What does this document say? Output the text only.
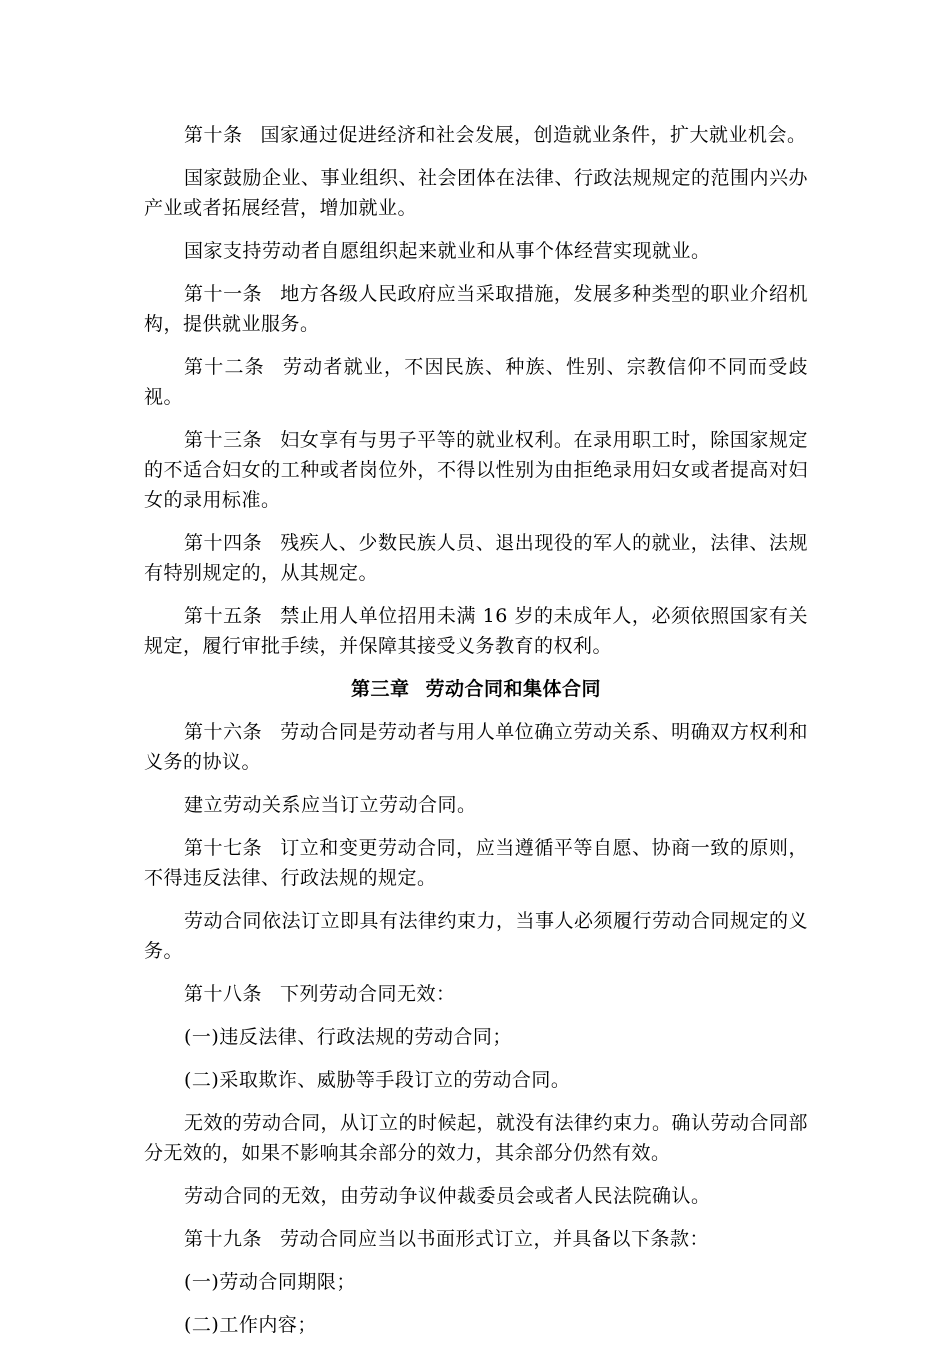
第十条 国家通过促进经济和社会发展，创造就业条件，扩大就业机会。

国家鼓励企业、事业组织、社会团体在法律、行政法规规定的范围内兴办产业或者拓展经营，增加就业。

国家支持劳动者自愿组织起来就业和从事个体经营实现就业。

第十一条 地方各级人民政府应当采取措施，发展多种类型的职业介绍机构，提供就业服务。

第十二条 劳动者就业，不因民族、种族、性别、宗教信仰不同而受歧视。

第十三条 妇女享有与男子平等的就业权利。在录用职工时，除国家规定的不适合妇女的工种或者岗位外，不得以性别为由拒绝录用妇女或者提高对妇女的录用标准。

第十四条 残疾人、少数民族人员、退出现役的军人的就业，法律、法规有特别规定的，从其规定。

第十五条 禁止用人单位招用未满 16 岁的未成年人，必须依照国家有关规定，履行审批手续，并保障其接受义务教育的权利。

第三章 劳动合同和集体合同

第十六条 劳动合同是劳动者与用人单位确立劳动关系、明确双方权利和义务的协议。

建立劳动关系应当订立劳动合同。

第十七条 订立和变更劳动合同，应当遵循平等自愿、协商一致的原则，不得违反法律、行政法规的规定。

劳动合同依法订立即具有法律约束力，当事人必须履行劳动合同规定的义务。

第十八条 下列劳动合同无效：

(一)违反法律、行政法规的劳动合同；

(二)采取欺诈、威胁等手段订立的劳动合同。

无效的劳动合同，从订立的时候起，就没有法律约束力。确认劳动合同部分无效的，如果不影响其余部分的效力，其余部分仍然有效。

劳动合同的无效，由劳动争议仲裁委员会或者人民法院确认。

第十九条 劳动合同应当以书面形式订立，并具备以下条款：

(一)劳动合同期限；

(二)工作内容；
